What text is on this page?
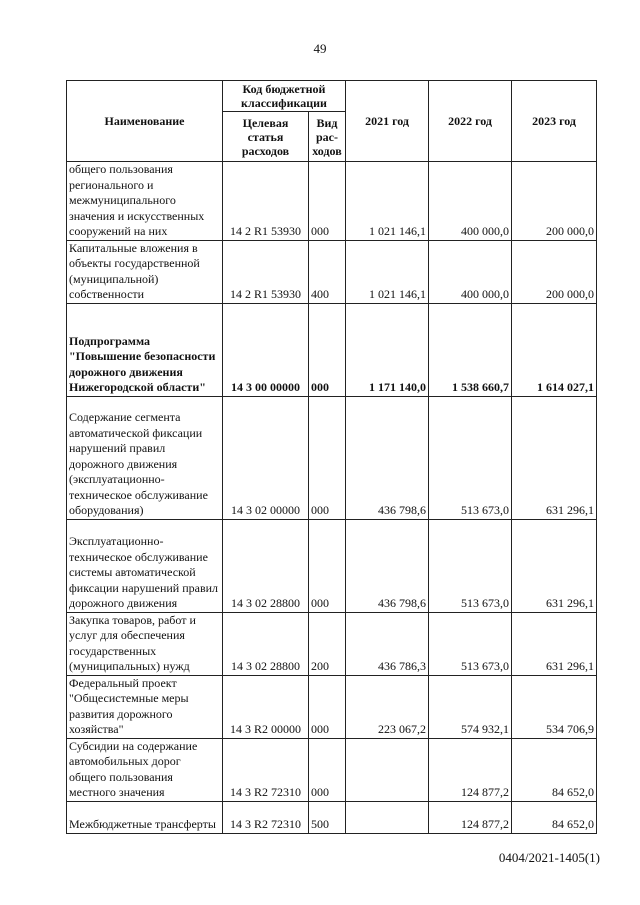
49
Наименование	Код бюджетной классификации		2021 год	2022 год	2023 год
	Целевая статья расходов	Вид рас-ходов			
общего пользования регионального и межмуниципального значения и искусственных сооружений на них	14 2 R1 53930	000	1 021 146,1	400 000,0	200 000,0
Капитальные вложения в объекты государственной (муниципальной) собственности	14 2 R1 53930	400	1 021 146,1	400 000,0	200 000,0
Подпрограмма "Повышение безопасности дорожного движения Нижегородской области"	14 3 00 00000	000	1 171 140,0	1 538 660,7	1 614 027,1
Содержание сегмента автоматической фиксации нарушений правил дорожного движения (эксплуатационно-техническое обслуживание оборудования)	14 3 02 00000	000	436 798,6	513 673,0	631 296,1
Эксплуатационно-техническое обслуживание системы автоматической фиксации нарушений правил дорожного движения	14 3 02 28800	000	436 798,6	513 673,0	631 296,1
Закупка товаров, работ и услуг для обеспечения государственных (муниципальных) нужд	14 3 02 28800	200	436 786,3	513 673,0	631 296,1
Федеральный проект "Общесистемные меры развития дорожного хозяйства"	14 3 R2 00000	000	223 067,2	574 932,1	534 706,9
Субсидии на содержание автомобильных дорог общего пользования местного значения	14 3 R2 72310	000		124 877,2	84 652,0
Межбюджетные трансферты	14 3 R2 72310	500		124 877,2	84 652,0
0404/2021-1405(1)
